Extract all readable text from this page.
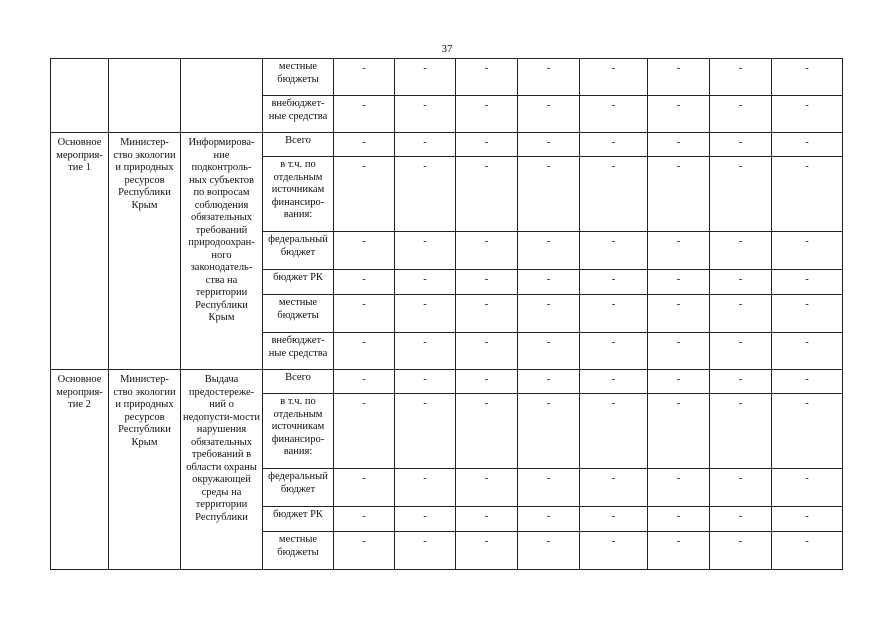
37
			местные бюджеты	-	-	-	-	-	-	-	-
			внебюджет-ные средства	-	-	-	-	-	-	-	-
Основное мероприя-тие 1	Министер-ство экологии и природных ресурсов Республики Крым	Информирова-ние подконтроль-ных субъектов по вопросам соблюдения обязательных требований природоохран-ного законодатель-ства на территории Республики Крым	Всего	-	-	-	-	-	-	-	-
			в т.ч. по отдельным источникам финансиро-вания:	-	-	-	-	-	-	-	-
			федеральный бюджет	-	-	-	-	-	-	-	-
			бюджет РК	-	-	-	-	-	-	-	-
			местные бюджеты	-	-	-	-	-	-	-	-
			внебюджет-ные средства	-	-	-	-	-	-	-	-
Основное мероприя-тие 2	Министер-ство экологии и природных ресурсов Республики Крым	Выдача предостереже-ний о недопусти-мости нарушения обязательных требований в области охраны окружающей среды на территории Республики	Всего	-	-	-	-	-	-	-	-
			в т.ч. по отдельным источникам финансиро-вания:	-	-	-	-	-	-	-	-
			федеральный бюджет	-	-	-	-	-	-	-	-
			бюджет РК	-	-	-	-	-	-	-	-
			местные бюджеты	-	-	-	-	-	-	-	-
